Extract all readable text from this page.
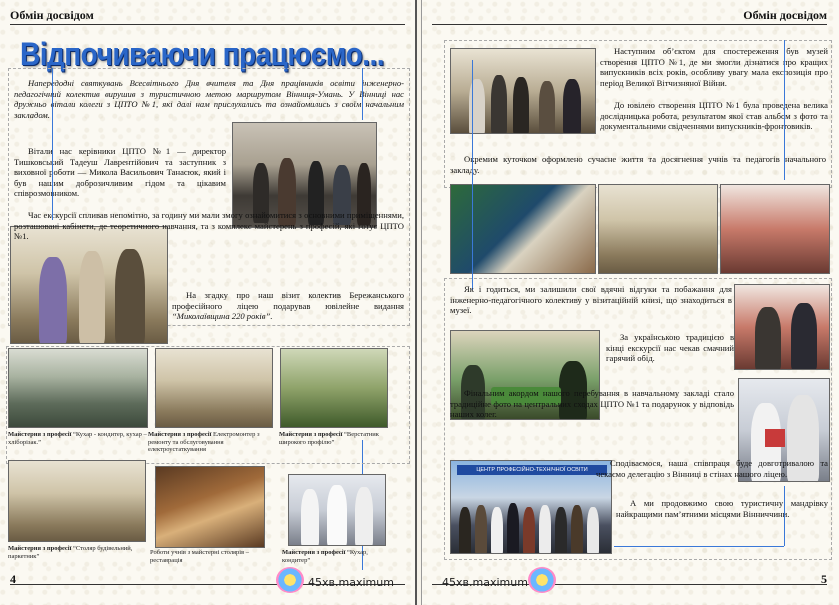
Обмін досвідом
Відпочиваючи працюємо...

Напередодні святкувань Всесвітнього Дня вчителя та Дня працівників освіти інженерно-педагогічний колектив вирушив з туристичною метою маршрутом Вінниця-Умань. У Вінниці нас дружньо вітали колеги з ЦПТО №1, які далі нам прислухались та ознайомились з своїм начальним закладом.

Вітали нас керівники ЦПТО №1 — директор Тишковський Тадеуш Лаврентійович та заступник з виховної роботи — Микола Васильович Танасюк, який і був нашим доброзичливим гідом та цікавим співрозмовником.

Час екскурсії спливав непомітно, за годину ми мали змогу ознайомитися з основними приміщеннями, розташовані кабінети, де теоретичного навчання, та з комплекс майстерень з професій, які готує ЦПТО №1.

На згадку про наш візит колектив Бережанського професійного ліцею подарував ювілейне видання “Миколаївщина 220 років”.

Майстерня з професії “Кухар - кондитер, кухар – хліборізак.”
Майстерня з професії Електромонтер з ремонту та обслуговування електроустаткування
Майстерня з професії “Верстатник широкого профілю”
Майстерня з професії “Столяр будівельний, паркетник”	Роботи учнів з майстерні столярів – реставрація
Майстерня з професії “Кухар, кондитер”
4	45хв.maximum
Обмін досвідом

Наступним об’єктом для спостереження був музей створення ЦПТО №1, де ми змогли дізнатися про кращих випускників всіх років, особливу увагу мала експозиція про період Великої Вітчизняної Війни.

До ювілею створення ЦПТО №1 була проведена велика дослідницька робота, результатом якої став альбом з фото та документальними свідченнями випускників-фронтовиків.

Окремим куточком оформлено сучасне життя та досягнення учнів та педагогів начального закладу.

Як і годиться, ми залишили свої вдячні відгуки та побажання для інженерно-педагогічного колективу у візитаційній книзі, що знаходиться в музеї.

За українською традицією в кінці екскурсії нас чекав смачний гарячий обід.

Фінальним акордом нашого перебування в навчальному закладі стало традиційне фото на центральних сходах ЦПТО №1 та подарунок у відповідь наших колег.

ЦЕНТР ПРОФЕСІЙНО-ТЕХНІЧНОЇ ОСВІТИ

Сподіваємося, наша співпраця буде довготривалою та чекаємо делегацію з Вінниці в стінах нашого ліцею.

А ми продовжимо свою туристичну мандрівку найкращими пам’ятними місцями Вінниччини.

45хв.maximum	5
